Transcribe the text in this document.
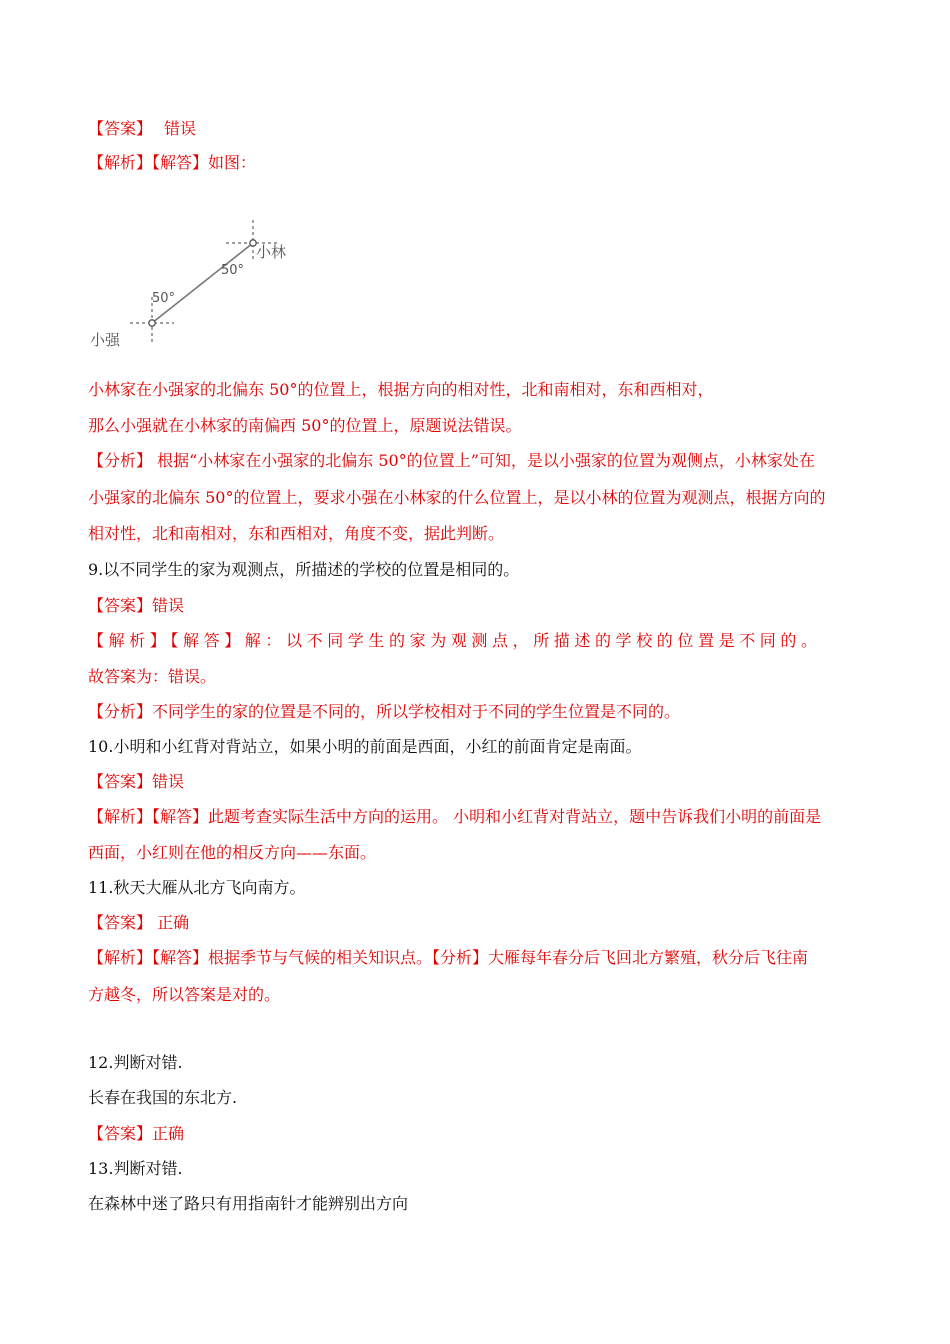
【答案】 错误
【解析】【解答】如图：
小林
小强
50°
50°
小林家在小强家的北偏东 50°的位置上，根据方向的相对性，北和南相对，东和西相对，
那么小强就在小林家的南偏西 50°的位置上，原题说法错误。
【分析】 根据“小林家在小强家的北偏东 50°的位置上”可知，是以小强家的位置为观侧点，小林家处在
小强家的北偏东 50°的位置上，要求小强在小林家的什么位置上，是以小林的位置为观测点，根据方向的
相对性，北和南相对，东和西相对，角度不变，据此判断。
9.以不同学生的家为观测点，所描述的学校的位置是相同的。
【答案】错误
【解析】【解答】解：以不同学生的家为观测点，所描述的学校的位置是不同的。
故答案为：错误。
【分析】不同学生的家的位置是不同的，所以学校相对于不同的学生位置是不同的。
10.小明和小红背对背站立，如果小明的前面是西面，小红的前面肯定是南面。
【答案】错误
【解析】【解答】此题考查实际生活中方向的运用。 小明和小红背对背站立，题中告诉我们小明的前面是
西面，小红则在他的相反方向——东面。
11.秋天大雁从北方飞向南方。
【答案】 正确
【解析】【解答】根据季节与气候的相关知识点。【分析】大雁每年春分后飞回北方繁殖，秋分后飞往南
方越冬，所以答案是对的。
12.判断对错.
长春在我国的东北方.
【答案】正确
13.判断对错.
在森林中迷了路只有用指南针才能辨别出方向
